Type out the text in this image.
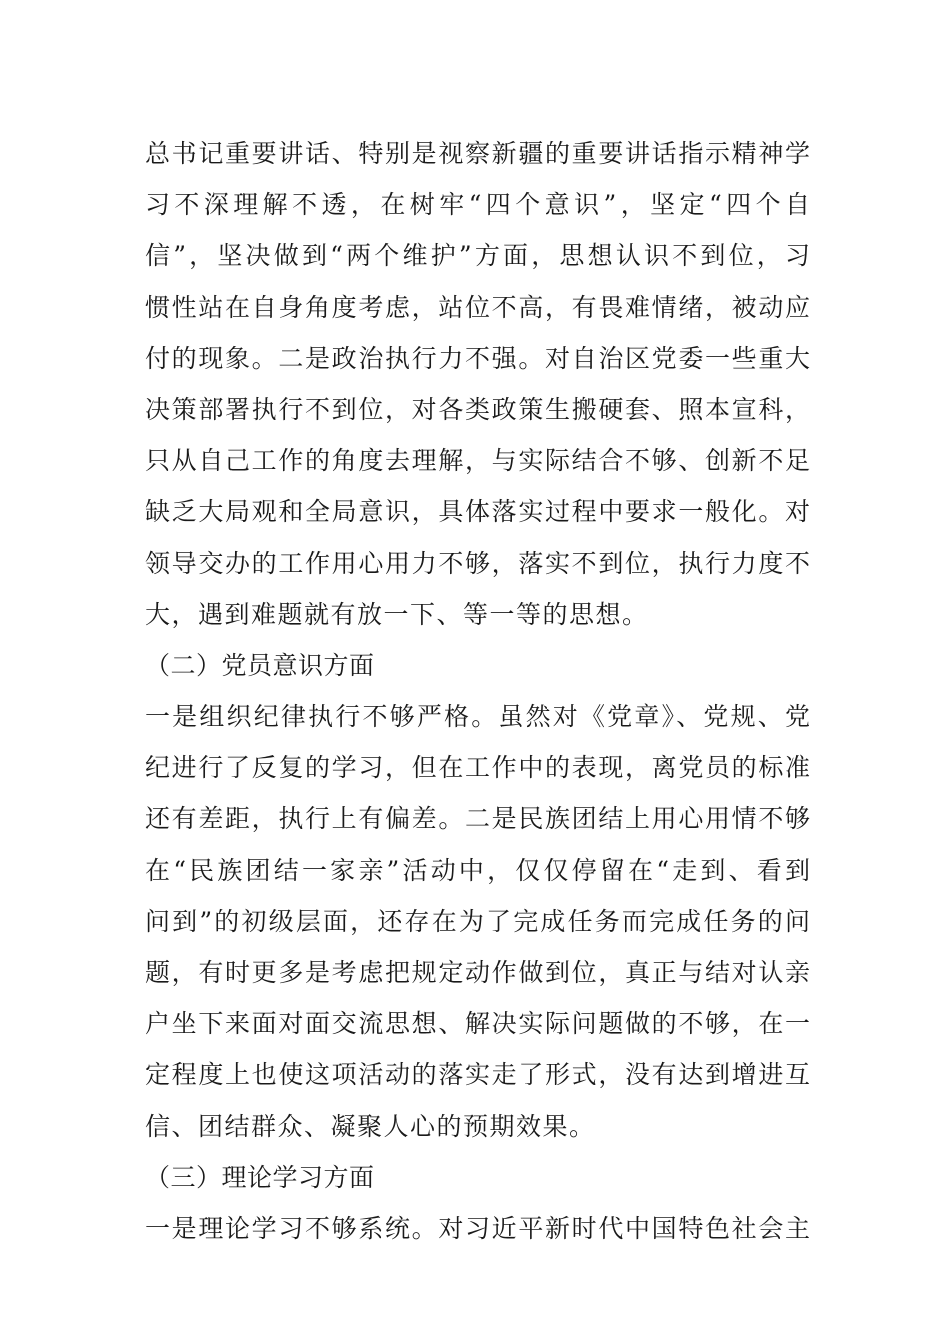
总书记重要讲话、特别是视察新疆的重要讲话指示精神学
习不深理解不透，在树牢“四个意识”，坚定“四个自
信”，坚决做到“两个维护”方面，思想认识不到位，习
惯性站在自身角度考虑，站位不高，有畏难情绪，被动应
付的现象。二是政治执行力不强。对自治区党委一些重大
决策部署执行不到位，对各类政策生搬硬套、照本宣科，
只从自己工作的角度去理解，与实际结合不够、创新不足
缺乏大局观和全局意识，具体落实过程中要求一般化。对
领导交办的工作用心用力不够，落实不到位，执行力度不
大，遇到难题就有放一下、等一等的思想。
（二）党员意识方面
一是组织纪律执行不够严格。虽然对《党章》、党规、党
纪进行了反复的学习，但在工作中的表现，离党员的标准
还有差距，执行上有偏差。二是民族团结上用心用情不够
在“民族团结一家亲”活动中，仅仅停留在“走到、看到
问到”的初级层面，还存在为了完成任务而完成任务的问
题，有时更多是考虑把规定动作做到位，真正与结对认亲
户坐下来面对面交流思想、解决实际问题做的不够，在一
定程度上也使这项活动的落实走了形式，没有达到增进互
信、团结群众、凝聚人心的预期效果。
（三）理论学习方面
一是理论学习不够系统。对习近平新时代中国特色社会主
